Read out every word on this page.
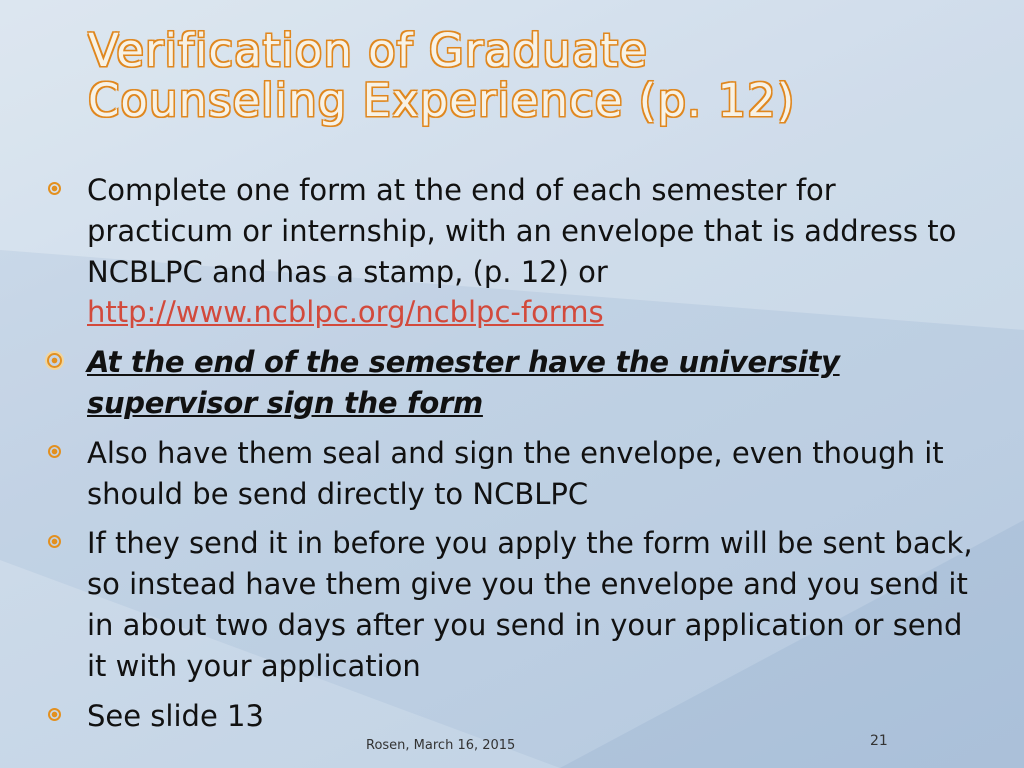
Verification of Graduate
Counseling Experience (p. 12)
Complete one form at the end of each semester for practicum or internship, with an envelope that is address to NCBLPC and has a stamp, (p. 12) or http://www.ncblpc.org/ncblpc-forms
At the end of the semester have the university supervisor sign the form
Also have them seal and sign the envelope, even though it should be send directly to NCBLPC
If they send it in before you apply the form will be sent back, so instead have them give you the envelope and you send it in about two days after you send in your application or send it with your application
See slide 13
Rosen, March 16, 2015	21
